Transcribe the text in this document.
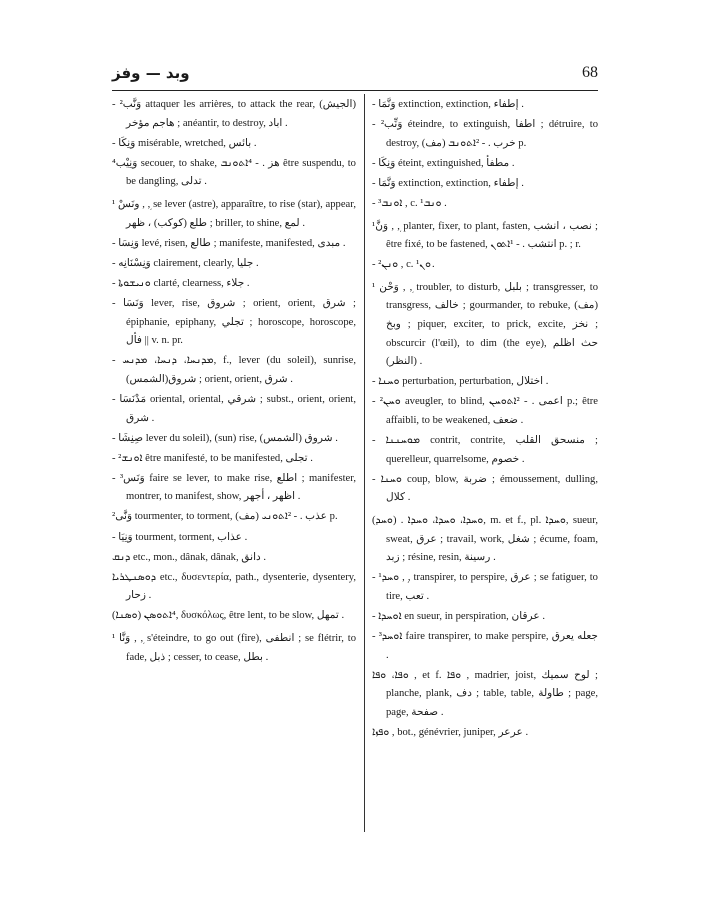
وبد — وفز	68

- ²وَنَّب attaquer les arrières, to attack the rear, (الجيش) هاجم مؤخر ; anéantir, to destroy, اباد .

- وَنِكَا misérable, wretched, بائس .

⁴وَنِيْب secouer, to shake, هز . - ⁴ܐܬܘܢܒ être suspendu, to be dangling, تدلى .

¹ ونَسْ , ܼ, se lever (astre), apparaître, to rise (star), appear, طلع (كوكب) ، ظهر ; briller, to shine, لمع .

- وَنِسَا levé, risen, طالع ; manifeste, manifested, مبدى .

- وَنِسْنَانِه clairement, clearly, جليا .

- ܘܢܝܫܘܬܐ clarté, clearness, جلاء .

- وَنَسَا lever, rise, شروق ; orient, orient, شرق ; épiphanie, epiphany, تجلي ; horoscope, horoscope, فأل || v. n. pr.

- ܡܕܢܚܐ، ܕܢܚܐ، ܡܕܢܚ, f., lever (du soleil), sunrise, شروق(الشمس) ; orient, orient, شرق .

- مَدْنَسَا oriental, oriental, شرقي ; subst., orient, orient, شرق .

- صِنِشَا lever du soleil), (sun) rise, شروق (الشمس) .

- ²ܐܘܢܫ être manifesté, to be manifested, تجلى .

- ³وَنَس faire se lever, to make rise, اطلع ; manifester, montrer, to manifest, show, اظهر ، أجهر .

²وَنَّى tourmenter, to torment, (مف) عذب . - ²ܐܬܘܢܝ p.

- وَنِيَا tourment, torment, عذاب .

ܕܢܩ etc., mon., dânak, dânak, دانق .

ܕܘܣܢܛܪܝܐ etc., δυσεντερία, path., dysenterie, dysentery, زحار .

(ܘܣܢܐ) ⁴ܐܬܘܣܢ, δυσκόλως, être lent, to be slow, تمهل .

¹ وَنَّا , ܼ, s'éteindre, to go out (fire), انطفى ; se flétrir, to fade, ذبل ; cesser, to cease, بطل .

- وَنَّمَا extinction, extinction, إطفاء .

- ²وَنِّب éteindre, to extinguish, اطفا ; détruire, to destroy, (مف) خرب . - ²ܐܬܘܢܒ p.

- وَنِكَا éteint, extinguished, مطفأ .

- وَنَّمَا extinction, extinction, إطفاء .

- ³ܐܘܢܒ , c. ¹ܘܢܒ .

¹وَنَّ , ܼ, planter, fixer, to plant, fasten, نصب ، انشب ; être fixé, to be fastened, انتشب . - ¹ܐܬܘܢ p. ; r.

- ²ܘܢܢ , c. ¹ܘܢ .

¹ وَحْن , ܼ, troubler, to disturb, بلبل ; transgresser, to transgress, خالف ; gourmander, to rebuke, (مف) وبخ ; piquer, exciter, to prick, excite, نخز ; obscurcir (l'œil), to dim (the eye), حث اظلم (النظر) .

- ܘܚܢܐ perturbation, perturbation, اختلال .

- ²ܘܚܢ aveugler, to blind, اعمى . - ²ܐܬܘܚܢ p.; être affaibli, to be weakened, ضعف .

- ܡܘܚܢܢܐ contrit, contrite, منسحق القلب ; querelleur, quarrelsome, خصوم .

- ܘܚܢܐ coup, blow, ضربة ; émoussement, dulling, كلال .

(ܘܚܕ) . ܘܚܕܐ، ܘܚܕܐ، ܘܚܕܐ, m. et f., pl. ܘܚܕܐ, sueur, sweat, عرق ; travail, work, شغل ; écume, foam, زبد ; résine, resin, رسينة .

- ¹ܘܚܕ , ܼ, transpirer, to perspire, عرق ; se fatiguer, to tire, تعب .

- ܐܘܚܕܐ en sueur, in perspiration, عرقان .

- ³ܐܘܚܕ faire transpirer, to make perspire, جعله يعرق .

ܘܦܐ، ܘܦܐ , et f. ܘܦܐ , madrier, joist, لوح سميك ; planche, plank, دف ; table, table, طاولة ; page, page, صفحة .

ܘܦܙܐ , bot., génévrier, juniper, عرعر .
